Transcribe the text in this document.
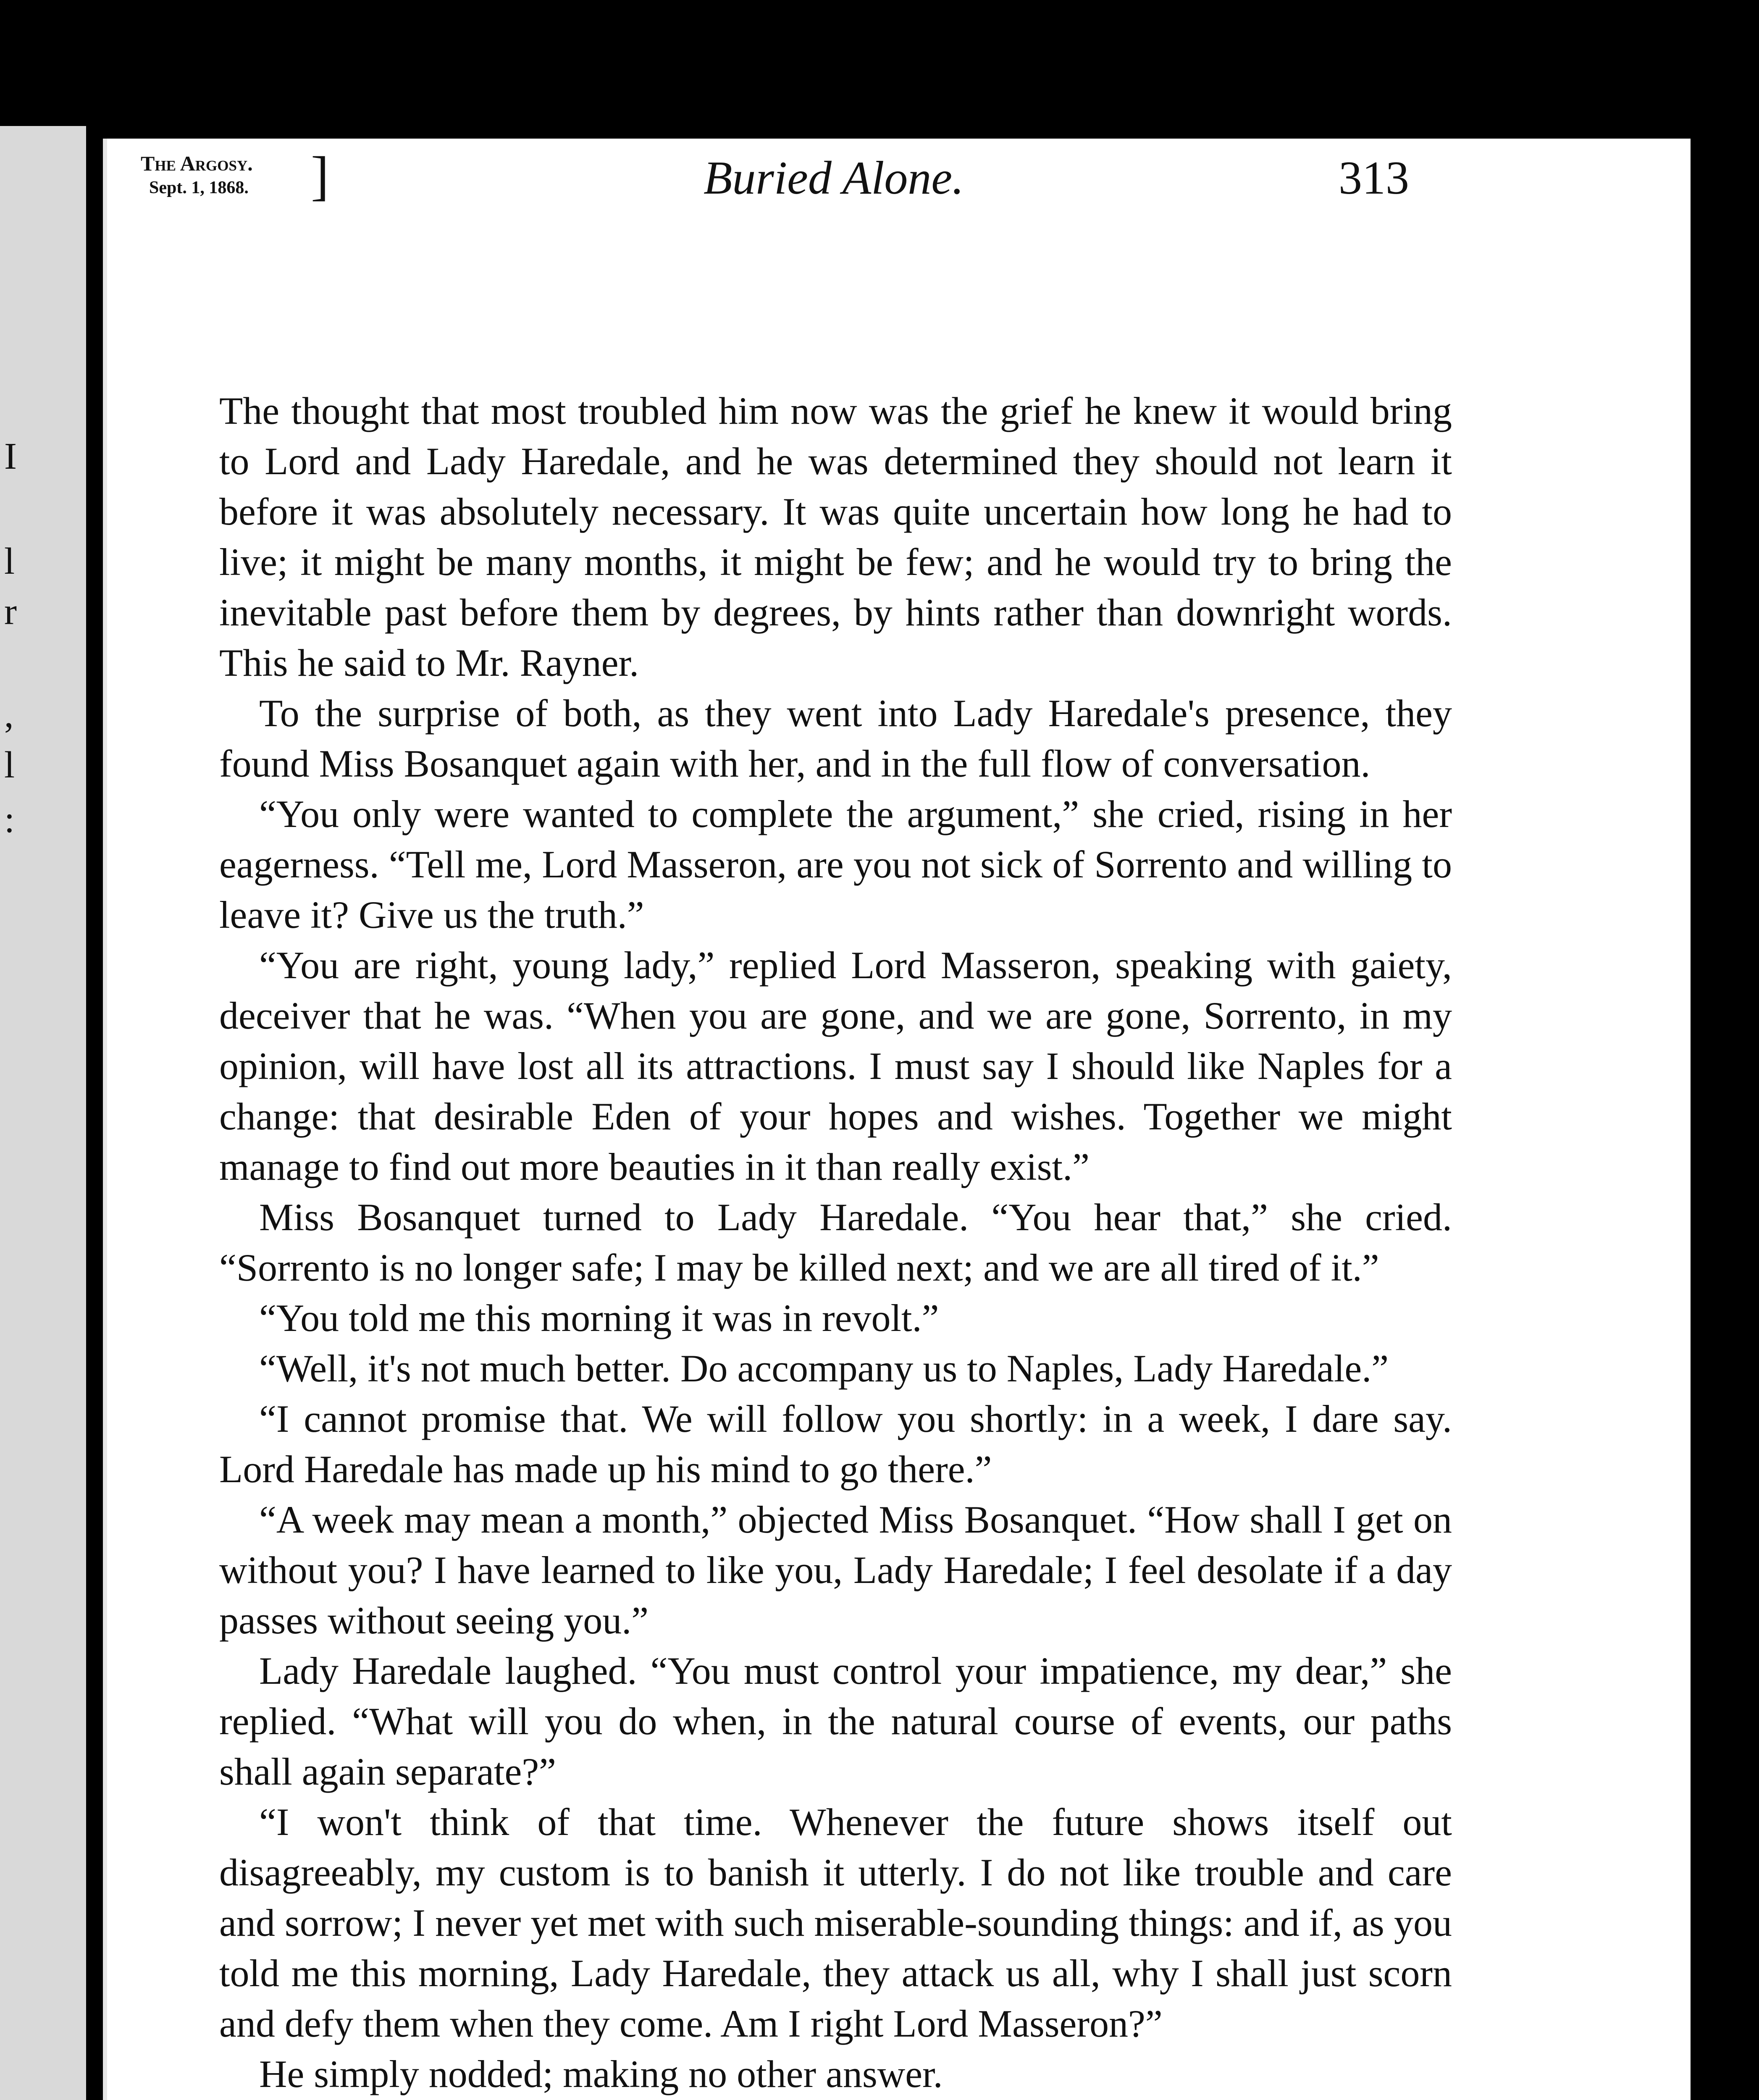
I
l
r
,
l
:
The Argosy.
Sept. 1, 1868. ]	Buried Alone.	313

The thought that most troubled him now was the grief he knew it would bring to Lord and Lady Haredale, and he was determined they should not learn it before it was absolutely necessary. It was quite uncertain how long he had to live; it might be many months, it might be few; and he would try to bring the inevitable past before them by degrees, by hints rather than downright words. This he said to Mr. Rayner.

To the surprise of both, as they went into Lady Haredale's presence, they found Miss Bosanquet again with her, and in the full flow of conversation.

“You only were wanted to complete the argument,” she cried, rising in her eagerness. “Tell me, Lord Masseron, are you not sick of Sorrento and willing to leave it? Give us the truth.”

“You are right, young lady,” replied Lord Masseron, speaking with gaiety, deceiver that he was. “When you are gone, and we are gone, Sorrento, in my opinion, will have lost all its attractions. I must say I should like Naples for a change: that desirable Eden of your hopes and wishes. Together we might manage to find out more beauties in it than really exist.”

Miss Bosanquet turned to Lady Haredale. “You hear that,” she cried. “Sorrento is no longer safe; I may be killed next; and we are all tired of it.”

“You told me this morning it was in revolt.”

“Well, it's not much better. Do accompany us to Naples, Lady Haredale.”

“I cannot promise that. We will follow you shortly: in a week, I dare say. Lord Haredale has made up his mind to go there.”

“A week may mean a month,” objected Miss Bosanquet. “How shall I get on without you? I have learned to like you, Lady Haredale; I feel desolate if a day passes without seeing you.”

Lady Haredale laughed. “You must control your impatience, my dear,” she replied. “What will you do when, in the natural course of events, our paths shall again separate?”

“I won't think of that time. Whenever the future shows itself out disagreeably, my custom is to banish it utterly. I do not like trouble and care and sorrow; I never yet met with such miserable-sounding things: and if, as you told me this morning, Lady Haredale, they attack us all, why I shall just scorn and defy them when they come. Am I right Lord Masseron?”

He simply nodded; making no other answer.
